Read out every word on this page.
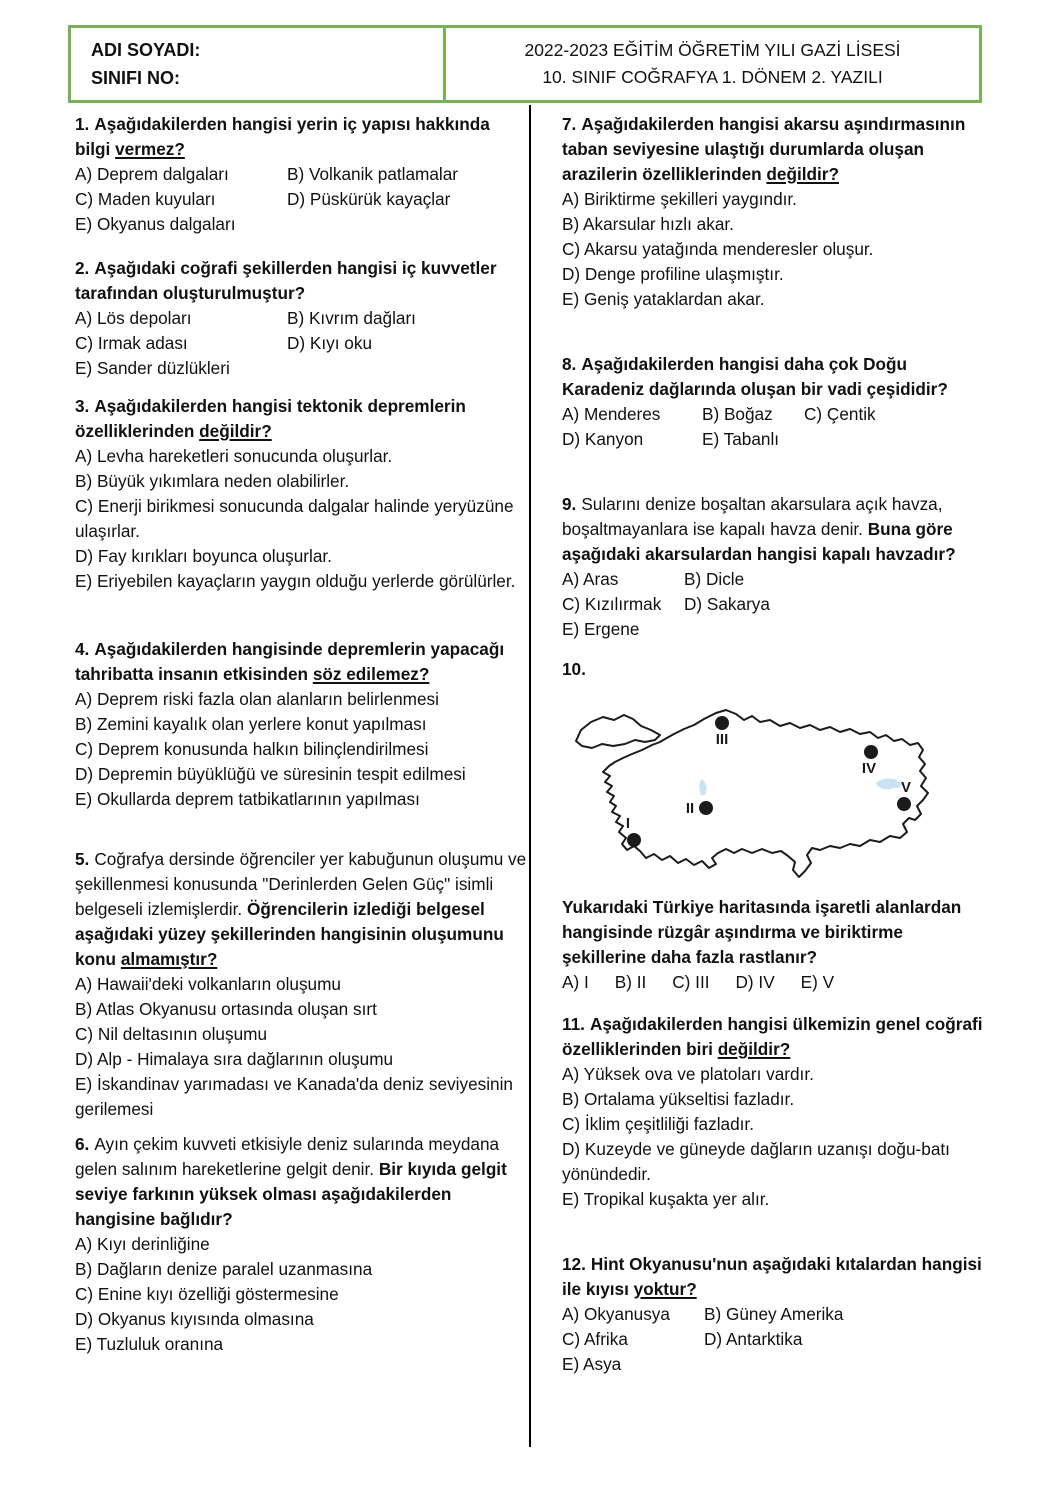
ADI SOYADI:
SINIFI NO:
2022-2023 EĞİTİM ÖĞRETİM YILI GAZİ LİSESİ
10. SINIF COĞRAFYA 1. DÖNEM 2. YAZILI

1. Aşağıdakilerden hangisi yerin iç yapısı hakkında bilgi vermez?

A) Deprem dalgaları	B) Volkanik patlamalar
C) Maden kuyuları	D) Püskürük kayaçlar
E) Okyanus dalgaları

2. Aşağıdaki coğrafi şekillerden hangisi iç kuvvetler tarafından oluşturulmuştur?

A) Lös depoları	B) Kıvrım dağları
C) Irmak adası	D) Kıyı oku
E) Sander düzlükleri

3. Aşağıdakilerden hangisi tektonik depremlerin özelliklerinden değildir?

A) Levha hareketleri sonucunda oluşurlar.
B) Büyük yıkımlara neden olabilirler.
C) Enerji birikmesi sonucunda dalgalar halinde yeryüzüne ulaşırlar.
D) Fay kırıkları boyunca oluşurlar.
E) Eriyebilen kayaçların yaygın olduğu yerlerde görülürler.

4. Aşağıdakilerden hangisinde depremlerin yapacağı tahribatta insanın etkisinden söz edilemez?

A) Deprem riski fazla olan alanların belirlenmesi
B) Zemini kayalık olan yerlere konut yapılması
C) Deprem konusunda halkın bilinçlendirilmesi
D) Depremin büyüklüğü ve süresinin tespit edilmesi
E) Okullarda deprem tatbikatlarının yapılması

5. Coğrafya dersinde öğrenciler yer kabuğunun oluşumu ve şekillenmesi konusunda "Derinlerden Gelen Güç" isimli belgeseli izlemişlerdir. Öğrencilerin izlediği belgesel aşağıdaki yüzey şekillerinden hangisinin oluşumunu konu almamıştır?

A) Hawaii'deki volkanların oluşumu
B) Atlas Okyanusu ortasında oluşan sırt
C) Nil deltasının oluşumu
D) Alp - Himalaya sıra dağlarının oluşumu
E) İskandinav yarımadası ve Kanada'da deniz seviyesinin gerilemesi

6. Ayın çekim kuvveti etkisiyle deniz sularında meydana gelen salınım hareketlerine gelgit denir. Bir kıyıda gelgit seviye farkının yüksek olması aşağıdakilerden hangisine bağlıdır?

A) Kıyı derinliğine
B) Dağların denize paralel uzanmasına
C) Enine kıyı özelliği göstermesine
D) Okyanus kıyısında olmasına
E) Tuzluluk oranına

7. Aşağıdakilerden hangisi akarsu aşındırmasının taban seviyesine ulaştığı durumlarda oluşan arazilerin özelliklerinden değildir?

A) Biriktirme şekilleri yaygındır.
B) Akarsular hızlı akar.
C) Akarsu yatağında menderesler oluşur.
D) Denge profiline ulaşmıştır.
E) Geniş yataklardan akar.

8. Aşağıdakilerden hangisi daha çok Doğu Karadeniz dağlarında oluşan bir vadi çeşididir?

A) Menderes	B) Boğaz	C) Çentik
D) Kanyon	E) Tabanlı

9. Sularını denize boşaltan akarsulara açık havza, boşaltmayanlara ise kapalı havza denir. Buna göre aşağıdaki akarsulardan hangisi kapalı havzadır?

A) Aras	B) Dicle
C) Kızılırmak	D) Sakarya
E) Ergene

10.

I
II
III
IV
V

Yukarıdaki Türkiye haritasında işaretli alanlardan hangisinde rüzgâr aşındırma ve biriktirme şekillerine daha fazla rastlanır?

A) I B) II C) III D) IV E) V

11. Aşağıdakilerden hangisi ülkemizin genel coğrafi özelliklerinden biri değildir?

A) Yüksek ova ve platoları vardır.
B) Ortalama yükseltisi fazladır.
C) İklim çeşitliliği fazladır.
D) Kuzeyde ve güneyde dağların uzanışı doğu-batı yönündedir.
E) Tropikal kuşakta yer alır.

12. Hint Okyanusu'nun aşağıdaki kıtalardan hangisi ile kıyısı yoktur?

A) Okyanusya	B) Güney Amerika
C) Afrika	D) Antarktika
E) Asya
